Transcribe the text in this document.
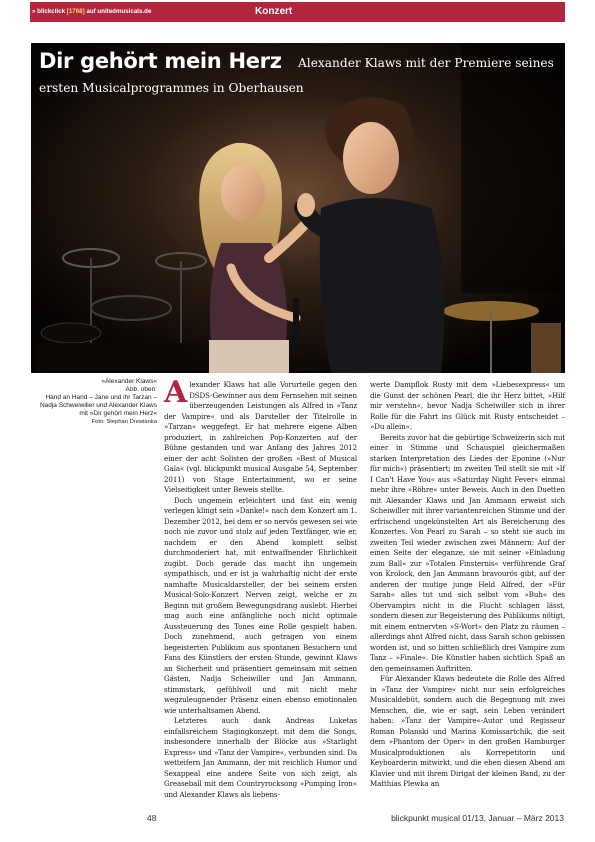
» blickclick [1768] auf unitedmusicals.de	Konzert
Dir gehört mein Herz Alexander Klaws mit der Premiere seines
ersten Musicalprogrammes in Oberhausen
»Alexander Klaws«
Abb. oben:
Hand an Hand – Jane und ihr Tarzan –
Nadja Schweiwiller und Alexander Klaws
mit »Dir gehört mein Herz«
Foto: Stephan Drewianka

Alexander Klaws hat alle Vorurteile gegen den DSDS-Gewinner aus dem Fernsehen mit seinen überzeugenden Leistungen als Alfred in »Tanz der Vampire« und als Darsteller der Titelrolle in »Tarzan« weggefegt. Er hat mehrere eigene Alben produziert, in zahlreichen Pop-Konzerten auf der Bühne gestanden und war Anfang des Jahres 2012 einer der acht Solisten der großen »Best of Musical Gala« (vgl. blickpunkt musical Ausgabe 54, September 2011) von Stage Entertainment, wo er seine Vielseitigkeit unter Beweis stellte.

Doch ungemein erleichtert und fast ein wenig verlegen klingt sein »Danke!« nach dem Konzert am 1. Dezember 2012, bei dem er so nervös gewesen sei wie noch nie zuvor und stolz auf jeden Textfänger, wie er, nachdem er den Abend komplett selbst durchmoderiert hat, mit entwaffnender Ehrlichkeit zugibt. Doch gerade das macht ihn ungemein sympathisch, und er ist ja wahrhaftig nicht der erste namhafte Musicaldarsteller, der bei seinem ersten Musical-Solo-Konzert Nerven zeigt, welche er zu Beginn mit großem Bewegungsdrang auslebt. Hierbei mag auch eine anfängliche noch nicht optimale Aussteuerung des Tones eine Rolle gespielt haben. Doch zunehmend, auch getragen von einem begeisterten Publikum aus spontanen Besuchern und Fans des Künstlers der ersten Stunde, gewinnt Klaws an Sicherheit und präsentiert gemeinsam mit seinen Gästen, Nadja Scheiwiller und Jan Ammann, stimmstark, gefühlvoll und mit nicht mehr wegzuleugnender Präsenz einen ebenso emotionalen wie unterhaltsamen Abend.

Letzteres auch dank Andreas Luketas einfallsreichem Stagingkonzept, mit dem die Songs, insbesondere innerhalb der Blöcke aus »Starlight Express« und »Tanz der Vampire«, verbunden sind. Da wetteifern Jan Ammann, der mit reichlich Humor und Sexappeal eine andere Seite von sich zeigt, als Greaseball mit dem Countryrocksong »Pumping Iron« und Alexander Klaws als liebens-

werte Dampflok Rusty mit dem »Liebesexpress« um die Gunst der schönen Pearl, die ihr Herz bittet, »Hilf mir verstehn«, bevor Nadja Scheiwiller sich in ihrer Rolle für die Fahrt ins Glück mit Rusty entscheidet – »Du allein«.

Bereits zuvor hat die gebürtige Schweizerin sich mit einer in Stimme und Schauspiel gleichermaßen starken Interpretation des Liedes der Eponine (»Nur für mich«) präsentiert; im zweiten Teil stellt sie mit »If I Can't Have You« aus »Saturday Night Fever« einmal mehr ihre »Röhre« unter Beweis. Auch in den Duetten mit Alexander Klaws und Jan Ammann erweist sich Scheiwiller mit ihrer variantenreichen Stimme und der erfrischend ungekünstelten Art als Bereicherung des Konzertes. Von Pearl zu Sarah – so steht sie auch im zweiten Teil wieder zwischen zwei Männern: Auf der einen Seite der eleganze, sie mit seiner »Einladung zum Ball« zur »Totalen Finsternis« verführende Graf von Krolock, den Jan Ammann bravourös gibt, auf der anderen der mutige junge Held Alfred, der »Für Sarah« alles tut und sich selbst vom »Buh« des Obervampirs nicht in die Flucht schlagen lässt, sondern diesen zur Begeisterung des Publikums nötigt, mit einem entnervten »S-Wort« den Platz zu räumen – allerdings ahnt Alfred nicht, dass Sarah schon gebissen worden ist, und so bitten schließlich drei Vampire zum Tanz – »Finale«. Die Künstler haben sichtlich Spaß an den gemeinsamen Auftritten.

Für Alexander Klaws bedeutete die Rolle des Alfred in »Tanz der Vampire« nicht nur sein erfolgreiches Musicaldebüt, sondern auch die Begegnung mit zwei Menschen, die, wie er sagt, sein Leben verändert haben: »Tanz der Vampire«-Autor und Regisseur Roman Polanski und Marina Komissartchik, die seit dem »Phantom der Oper« in den großen Hamburger Musicalproduktionen als Korrepetitorin und Keyboarderin mitwirkt, und die eben diesen Abend am Klavier und mit ihrem Dirigat der kleinen Band, zu der Matthias Plewka an

48	blickpunkt musical 01/13, Januar – März 2013
